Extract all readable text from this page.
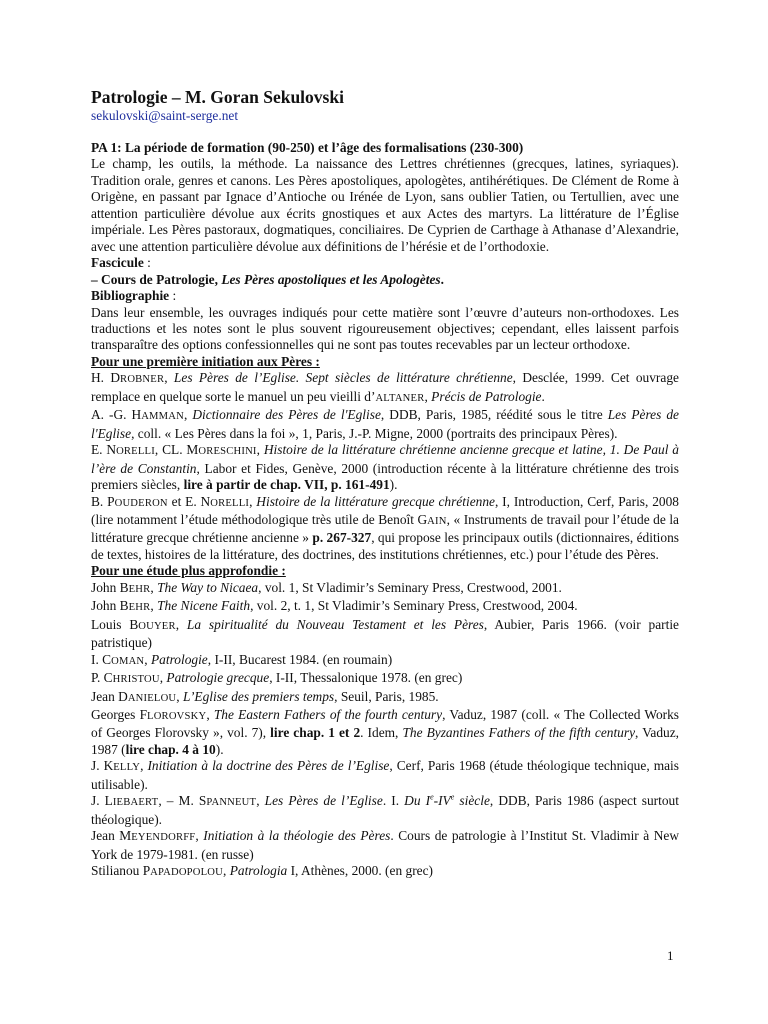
Patrologie – M. Goran Sekulovski
sekulovski@saint-serge.net

PA 1: La période de formation (90-250) et l’âge des formalisations (230-300)

Le champ, les outils, la méthode. La naissance des Lettres chrétiennes (grecques, latines, syriaques). Tradition orale, genres et canons. Les Pères apostoliques, apologètes, antihérétiques. De Clément de Rome à Origène, en passant par Ignace d’Antioche ou Irénée de Lyon, sans oublier Tatien, ou Tertullien, avec une attention particulière dévolue aux écrits gnostiques et aux Actes des martyrs. La littérature de l’Église impériale. Les Pères pastoraux, dogmatiques, conciliaires. De Cyprien de Carthage à Athanase d’Alexandrie, avec une attention particulière dévolue aux définitions de l’hérésie et de l’orthodoxie.

Fascicule :

– Cours de Patrologie, Les Pères apostoliques et les Apologètes.

Bibliographie :

Dans leur ensemble, les ouvrages indiqués pour cette matière sont l’œuvre d’auteurs non-orthodoxes. Les traductions et les notes sont le plus souvent rigoureusement objectives; cependant, elles laissent parfois transparaître des options confessionnelles qui ne sont pas toutes recevables par un lecteur orthodoxe.

Pour une première initiation aux Pères :

H. DROBNER, Les Pères de l’Eglise. Sept siècles de littérature chrétienne, Desclée, 1999. Cet ouvrage remplace en quelque sorte le manuel un peu vieilli d’ALTANER, Précis de Patrologie.

A. -G. HAMMAN, Dictionnaire des Pères de l'Eglise, DDB, Paris, 1985, réédité sous le titre Les Pères de l'Eglise, coll. « Les Pères dans la foi », 1, Paris, J.-P. Migne, 2000 (portraits des principaux Pères).

E. NORELLI, CL. MORESCHINI, Histoire de la littérature chrétienne ancienne grecque et latine, 1. De Paul à l’ère de Constantin, Labor et Fides, Genève, 2000 (introduction récente à la littérature chrétienne des trois premiers siècles, lire à partir de chap. VII, p. 161-491).

B. POUDERON et E. NORELLI, Histoire de la littérature grecque chrétienne, I, Introduction, Cerf, Paris, 2008 (lire notamment l’étude méthodologique très utile de Benoît GAIN, « Instruments de travail pour l’étude de la littérature grecque chrétienne ancienne » p. 267-327, qui propose les principaux outils (dictionnaires, éditions de textes, histoires de la littérature, des doctrines, des institutions chrétiennes, etc.) pour l’étude des Pères.

Pour une étude plus approfondie :

John BEHR, The Way to Nicaea, vol. 1, St Vladimir’s Seminary Press, Crestwood, 2001.

John BEHR, The Nicene Faith, vol. 2, t. 1, St Vladimir’s Seminary Press, Crestwood, 2004.

Louis BOUYER, La spiritualité du Nouveau Testament et les Pères, Aubier, Paris 1966. (voir partie patristique)

I. COMAN, Patrologie, I-II, Bucarest 1984. (en roumain)

P. CHRISTOU, Patrologie grecque, I-II, Thessalonique 1978. (en grec)

Jean DANIELOU, L’Eglise des premiers temps, Seuil, Paris, 1985.

Georges FLOROVSKY, The Eastern Fathers of the fourth century, Vaduz, 1987 (coll. « The Collected Works of Georges Florovsky », vol. 7), lire chap. 1 et 2. Idem, The Byzantines Fathers of the fifth century, Vaduz, 1987 (lire chap. 4 à 10).

J. KELLY, Initiation à la doctrine des Pères de l’Eglise, Cerf, Paris 1968 (étude théologique technique, mais utilisable).

J. LIEBAERT, – M. SPANNEUT, Les Pères de l’Eglise. I. Du Ie-IVe siècle, DDB, Paris 1986 (aspect surtout théologique).

Jean MEYENDORFF, Initiation à la théologie des Pères. Cours de patrologie à l’Institut St. Vladimir à New York de 1979-1981. (en russe)

Stilianou PAPADOPOLOU, Patrologia I, Athènes, 2000. (en grec)

1
